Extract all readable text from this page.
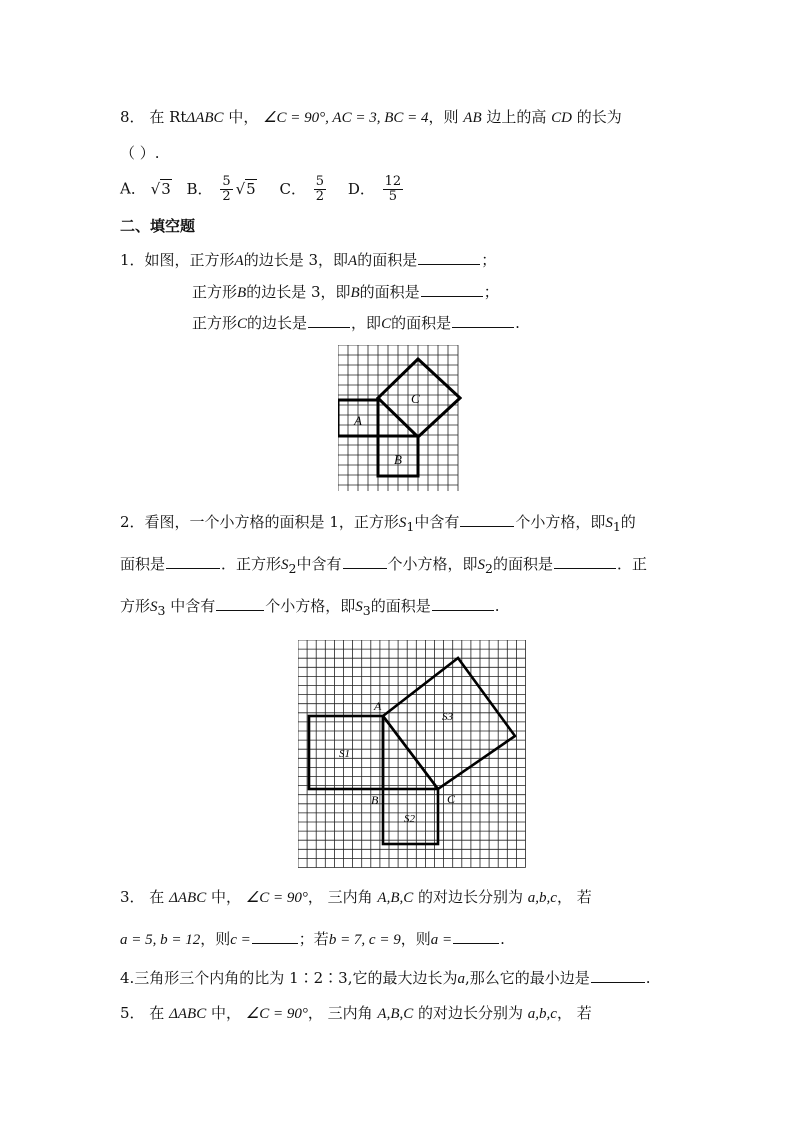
8． 在 RtΔABC 中， ∠C = 90°, AC = 3, BC = 4，则 AB 边上的高 CD 的长为
（ ）.
A． √3 B． $\frac{5}{2} √5$ C． $\frac{5}{2}$ D． $\frac{12}{5}$
二、填空题
1．如图，正方形A的边长是 3，即A的面积是	；
正方形B的边长是 3，即B的面积是	；
正方形C的边长是	，即C的面积是	.
A
B
C
2．看图，一个小方格的面积是 1，正方形$S_1$中含有	个小方格，即$S_1$的
面积是	．正方形$S_2$中含有	个小方格，即$S_2$的面积是	．正
方形$S_3$ 中含有	个小方格，即$S_3$的面积是	.
A
B	C
S1
S2
S3
3． 在 ΔABC 中， ∠C = 90°， 三内角 A,B,C 的对边长分别为 a,b,c， 若
a = 5, b = 12，则c =	；若b = 7, c = 9，则a =	.
4.三角形三个内角的比为 1∶2∶3,它的最大边长为a,那么它的最小边是	.
5． 在 ΔABC 中， ∠C = 90°， 三内角 A,B,C 的对边长分别为 a,b,c， 若
